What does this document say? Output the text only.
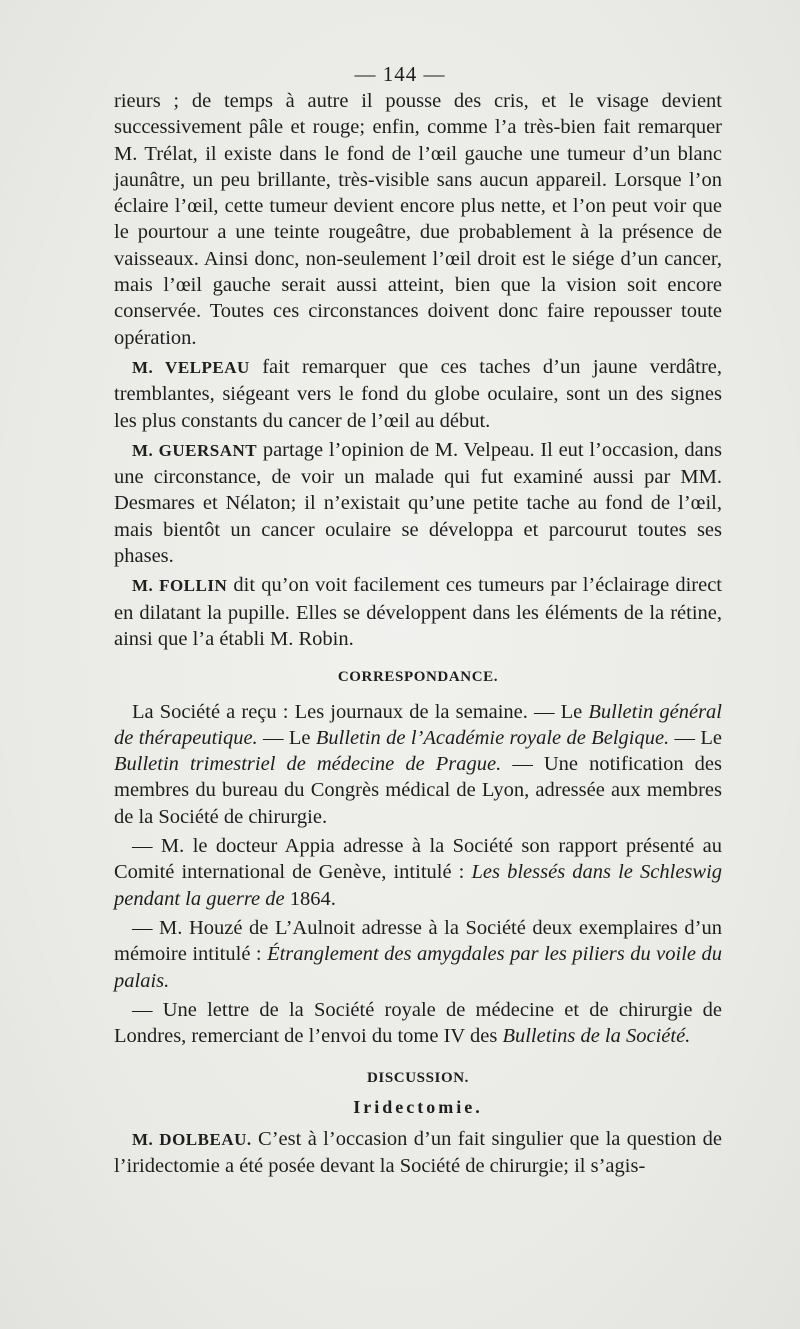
— 144 —

rieurs ; de temps à autre il pousse des cris, et le visage devient successivement pâle et rouge; enfin, comme l’a très-bien fait remarquer M. Trélat, il existe dans le fond de l’œil gauche une tumeur d’un blanc jaunâtre, un peu brillante, très-visible sans aucun appareil. Lorsque l’on éclaire l’œil, cette tumeur devient encore plus nette, et l’on peut voir que le pourtour a une teinte rougeâtre, due probablement à la présence de vaisseaux. Ainsi donc, non-seulement l’œil droit est le siége d’un cancer, mais l’œil gauche serait aussi atteint, bien que la vision soit encore conservée. Toutes ces circonstances doivent donc faire repousser toute opération.

M. VELPEAU fait remarquer que ces taches d’un jaune verdâtre, tremblantes, siégeant vers le fond du globe oculaire, sont un des signes les plus constants du cancer de l’œil au début.

M. GUERSANT partage l’opinion de M. Velpeau. Il eut l’occasion, dans une circonstance, de voir un malade qui fut examiné aussi par MM. Desmares et Nélaton; il n’existait qu’une petite tache au fond de l’œil, mais bientôt un cancer oculaire se développa et parcourut toutes ses phases.

M. FOLLIN dit qu’on voit facilement ces tumeurs par l’éclairage direct en dilatant la pupille. Elles se développent dans les éléments de la rétine, ainsi que l’a établi M. Robin.

CORRESPONDANCE.

La Société a reçu : Les journaux de la semaine. — Le Bulletin général de thérapeutique. — Le Bulletin de l’Académie royale de Belgique. — Le Bulletin trimestriel de médecine de Prague. — Une notification des membres du bureau du Congrès médical de Lyon, adressée aux membres de la Société de chirurgie.

— M. le docteur Appia adresse à la Société son rapport présenté au Comité international de Genève, intitulé : Les blessés dans le Schleswig pendant la guerre de 1864.

— M. Houzé de L’Aulnoit adresse à la Société deux exemplaires d’un mémoire intitulé : Étranglement des amygdales par les piliers du voile du palais.

— Une lettre de la Société royale de médecine et de chirurgie de Londres, remerciant de l’envoi du tome IV des Bulletins de la Société.

DISCUSSION.

Iridectomie.

M. DOLBEAU. C’est à l’occasion d’un fait singulier que la question de l’iridectomie a été posée devant la Société de chirurgie; il s’agis-
